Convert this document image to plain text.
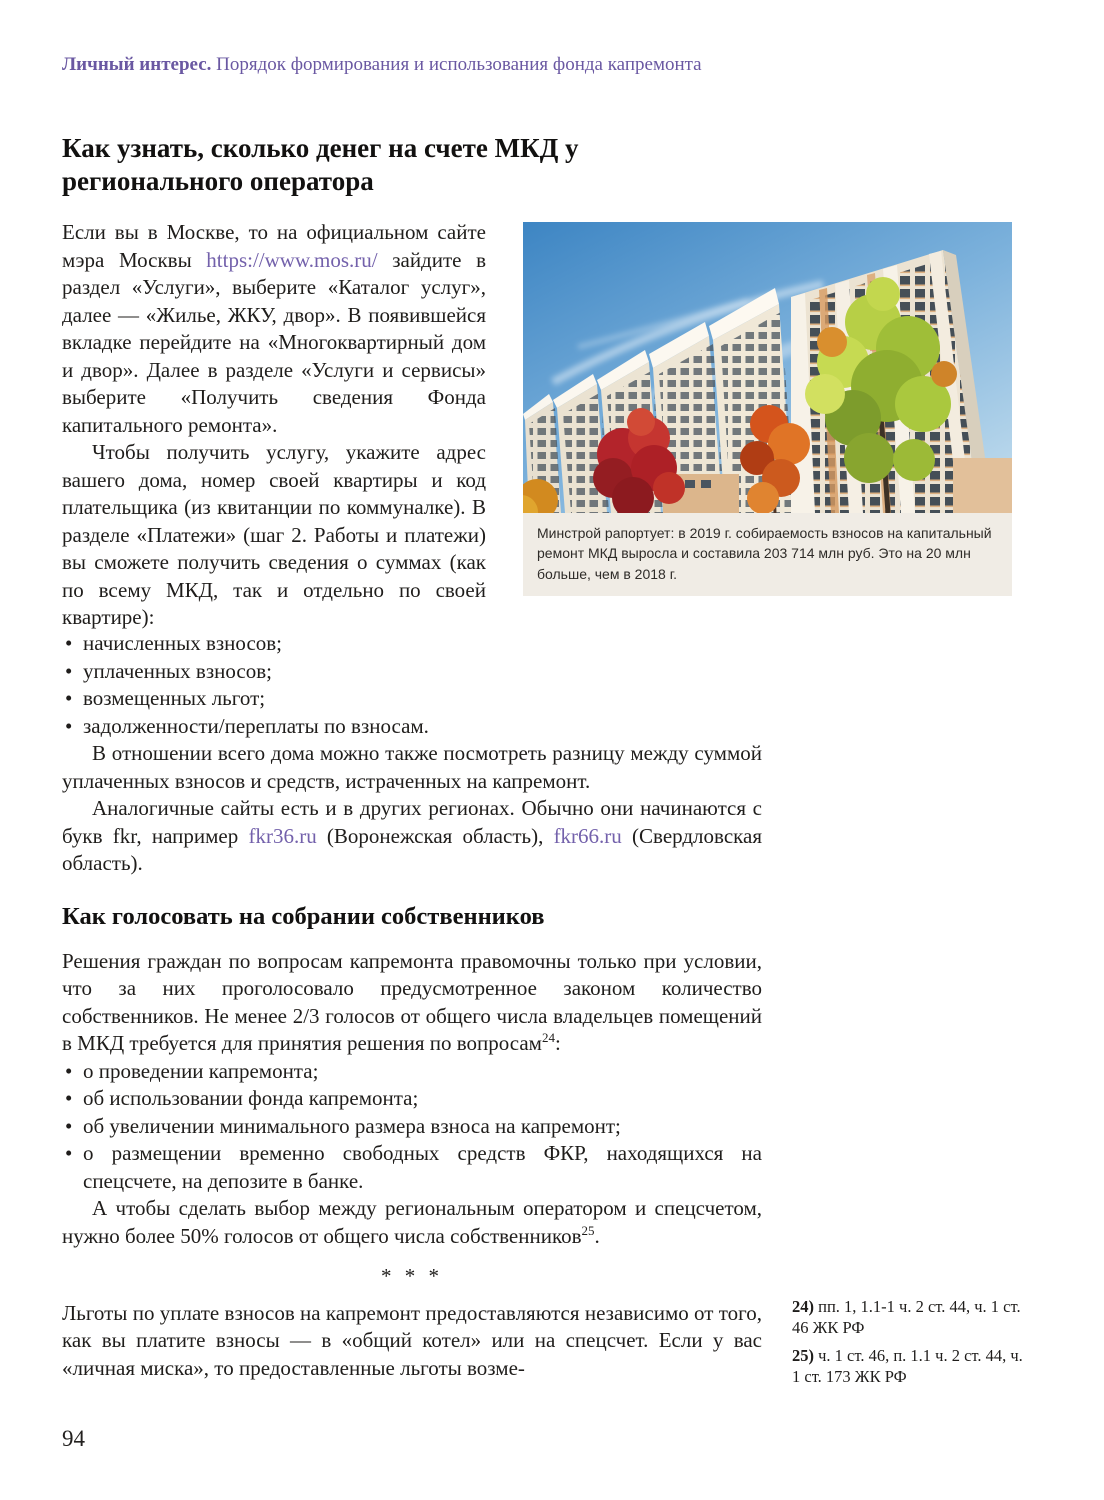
Личный интерес. Порядок формирования и использования фонда капремонта
Как узнать, сколько денег на счете МКД у регионального оператора

Если вы в Москве, то на официальном сайте мэра Москвы https://www.mos.ru/ зайдите в раздел «Услуги», выберите «Каталог услуг», далее — «Жилье, ЖКУ, двор». В появившейся вкладке перейдите на «Многоквартирный дом и двор». Далее в разделе «Услуги и сервисы» выберите «Получить сведения Фонда капитального ремонта».

Чтобы получить услугу, укажите адрес вашего дома, номер своей квартиры и код плательщика (из квитанции по коммуналке). В разделе «Платежи» (шаг 2. Работы и платежи) вы сможете получить сведения о суммах (как по всему МКД, так и отдельно по своей квартире):

Минстрой рапортует: в 2019 г. собираемость взносов на капитальный ремонт МКД выросла и составила 203 714 млн руб. Это на 20 млн больше, чем в 2018 г.
• начисленных взносов;
• уплаченных взносов;
• возмещенных льгот;
• задолженности/переплаты по взносам.

В отношении всего дома можно также посмотреть разницу между суммой уплаченных взносов и средств, истраченных на капремонт.

Аналогичные сайты есть и в других регионах. Обычно они начинаются с букв fkr, например fkr36.ru (Воронежская область), fkr66.ru (Свердловская область).

Как голосовать на собрании собственников

Решения граждан по вопросам капремонта правомочны только при условии, что за них проголосовало предусмотренное законом количество собственников. Не менее 2/3 голосов от общего числа владельцев помещений в МКД требуется для принятия решения по вопросам$^{24}$:

• о проведении капремонта;
• об использовании фонда капремонта;
• об увеличении минимального размера взноса на капремонт;
• о размещении временно свободных средств ФКР, находящихся на спецсчете, на депозите в банке.

А чтобы сделать выбор между региональным оператором и спецсчетом, нужно более 50% голосов от общего числа собственников$^{25}$.

* * *

Льготы по уплате взносов на капремонт предоставляются независимо от того, как вы платите взносы — в «общий котел» или на спецсчет. Если у вас «личная миска», то предоставленные льготы возме-

24) пп. 1, 1.1-1 ч. 2 ст. 44, ч. 1 ст. 46 ЖК РФ

25) ч. 1 ст. 46, п. 1.1 ч. 2 ст. 44, ч. 1 ст. 173 ЖК РФ

94
